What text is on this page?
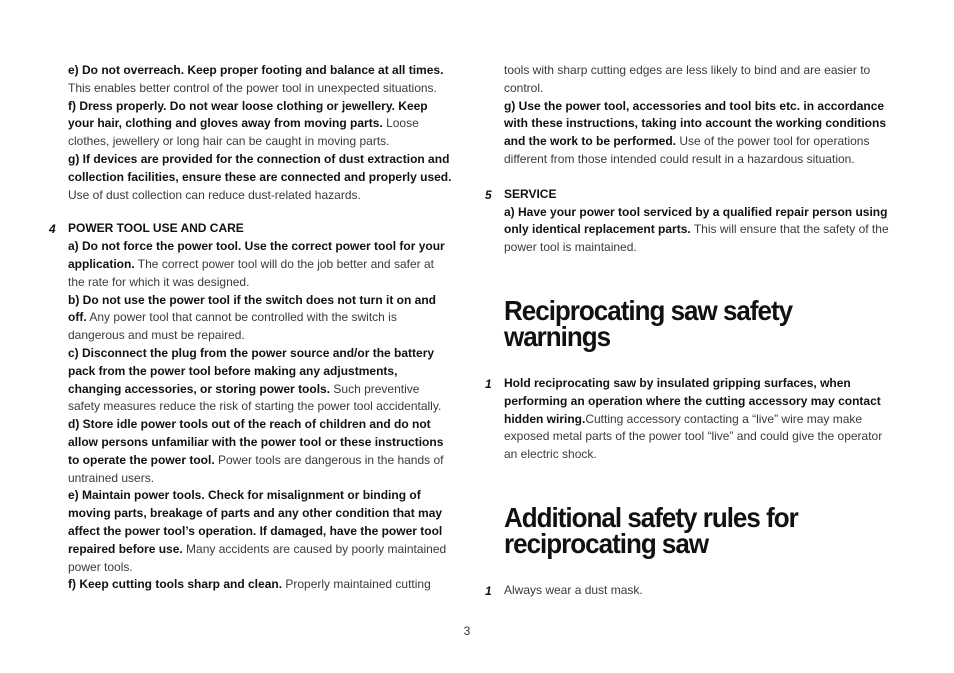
e) Do not overreach. Keep proper footing and balance at all times. This enables better control of the power tool in unexpected situations.

f) Dress properly. Do not wear loose clothing or jewellery. Keep your hair, clothing and gloves away from moving parts. Loose clothes, jewellery or long hair can be caught in moving parts.

g) If devices are provided for the connection of dust extraction and collection facilities, ensure these are connected and properly used. Use of dust collection can reduce dust-related hazards.

4 POWER TOOL USE AND CARE

a) Do not force the power tool. Use the correct power tool for your application. The correct power tool will do the job better and safer at the rate for which it was designed.

b) Do not use the power tool if the switch does not turn it on and off. Any power tool that cannot be controlled with the switch is dangerous and must be repaired.

c) Disconnect the plug from the power source and/or the battery pack from the power tool before making any adjustments, changing accessories, or storing power tools. Such preventive safety measures reduce the risk of starting the power tool accidentally.

d) Store idle power tools out of the reach of children and do not allow persons unfamiliar with the power tool or these instructions to operate the power tool. Power tools are dangerous in the hands of untrained users.

e) Maintain power tools. Check for misalignment or binding of moving parts, breakage of parts and any other condition that may affect the power tool’s operation. If damaged, have the power tool repaired before use. Many accidents are caused by poorly maintained power tools.

f) Keep cutting tools sharp and clean. Properly maintained cutting

tools with sharp cutting edges are less likely to bind and are easier to control.

g) Use the power tool, accessories and tool bits etc. in accordance with these instructions, taking into account the working conditions and the work to be performed. Use of the power tool for operations different from those intended could result in a hazardous situation.

5 SERVICE

a) Have your power tool serviced by a qualified repair person using only identical replacement parts. This will ensure that the safety of the power tool is maintained.

Reciprocating saw safety warnings
1 Hold reciprocating saw by insulated gripping surfaces, when performing an operation where the cutting accessory may contact hidden wiring.Cutting accessory contacting a “live” wire may make exposed metal parts of the power tool “live” and could give the operator an electric shock.

Additional safety rules for reciprocating saw
1 Always wear a dust mask.

3
